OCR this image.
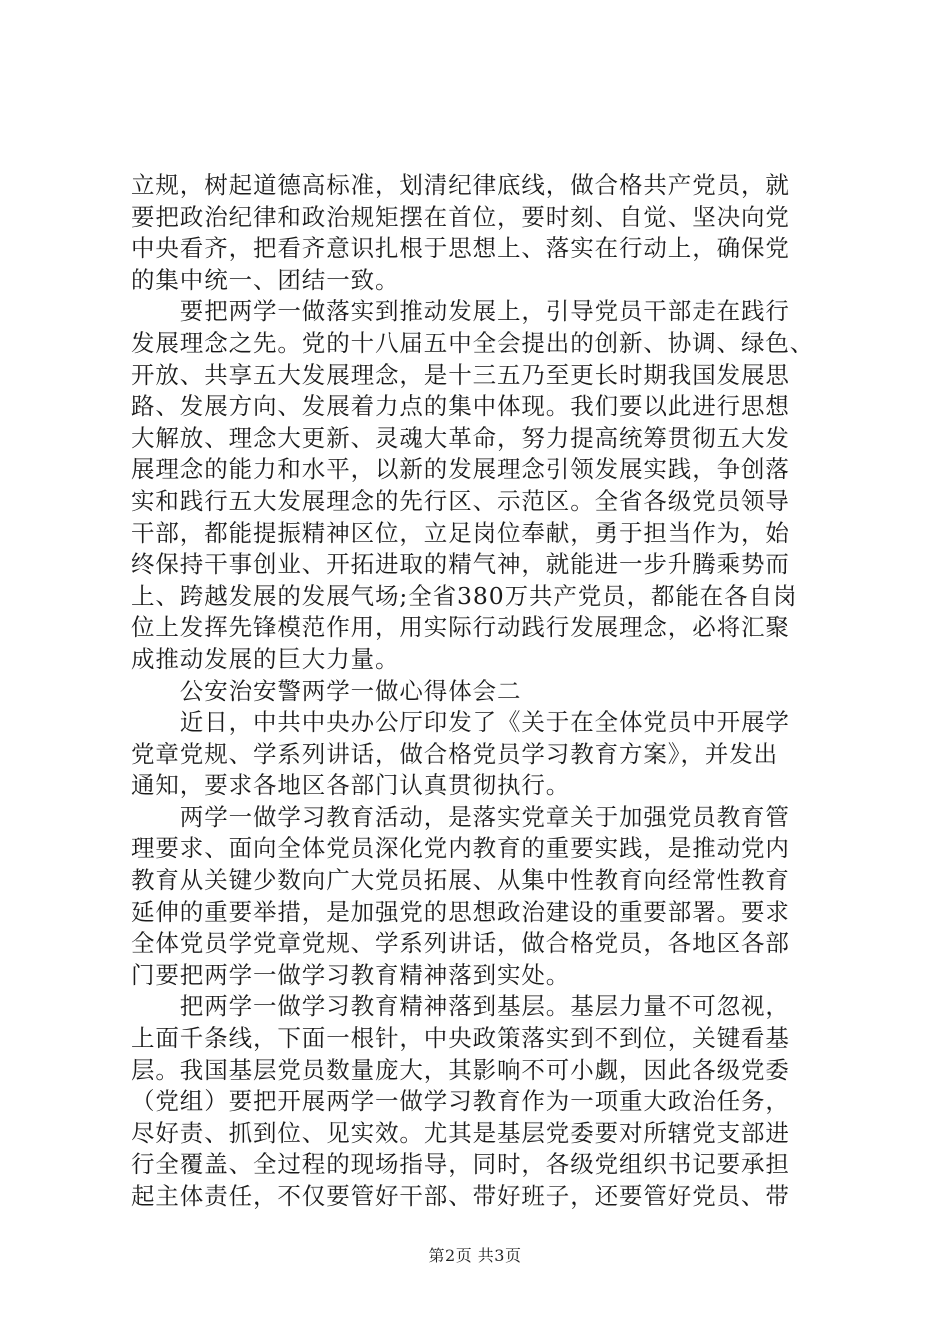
立规，树起道德高标准，划清纪律底线，做合格共产党员，就
要把政治纪律和政治规矩摆在首位，要时刻、自觉、坚决向党
中央看齐，把看齐意识扎根于思想上、落实在行动上，确保党
的集中统一、团结一致。
　　要把两学一做落实到推动发展上，引导党员干部走在践行
发展理念之先。党的十八届五中全会提出的创新、协调、绿色、
开放、共享五大发展理念，是十三五乃至更长时期我国发展思
路、发展方向、发展着力点的集中体现。我们要以此进行思想
大解放、理念大更新、灵魂大革命，努力提高统筹贯彻五大发
展理念的能力和水平，以新的发展理念引领发展实践，争创落
实和践行五大发展理念的先行区、示范区。全省各级党员领导
干部，都能提振精神区位，立足岗位奉献，勇于担当作为，始
终保持干事创业、开拓进取的精气神，就能进一步升腾乘势而
上、跨越发展的发展气场;全省380万共产党员，都能在各自岗
位上发挥先锋模范作用，用实际行动践行发展理念，必将汇聚
成推动发展的巨大力量。
　　公安治安警两学一做心得体会二
　　近日，中共中央办公厅印发了《关于在全体党员中开展学
党章党规、学系列讲话，做合格党员学习教育方案》，并发出
通知，要求各地区各部门认真贯彻执行。
　　两学一做学习教育活动，是落实党章关于加强党员教育管
理要求、面向全体党员深化党内教育的重要实践，是推动党内
教育从关键少数向广大党员拓展、从集中性教育向经常性教育
延伸的重要举措，是加强党的思想政治建设的重要部署。要求
全体党员学党章党规、学系列讲话，做合格党员，各地区各部
门要把两学一做学习教育精神落到实处。
　　把两学一做学习教育精神落到基层。基层力量不可忽视，
上面千条线，下面一根针，中央政策落实到不到位，关键看基
层。我国基层党员数量庞大，其影响不可小觑，因此各级党委
（党组）要把开展两学一做学习教育作为一项重大政治任务，
尽好责、抓到位、见实效。尤其是基层党委要对所辖党支部进
行全覆盖、全过程的现场指导，同时，各级党组织书记要承担
起主体责任，不仅要管好干部、带好班子，还要管好党员、带
第2页 共3页
